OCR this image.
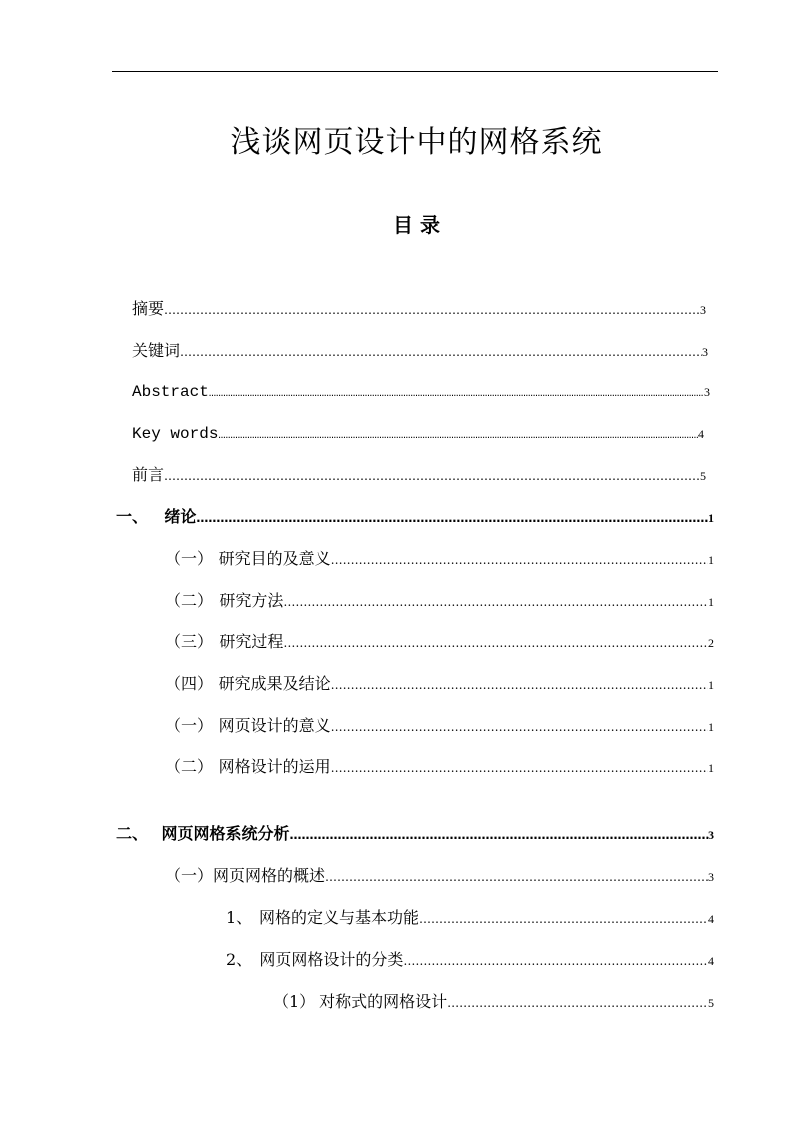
浅谈网页设计中的网格系统
目 录
摘要 ………………………………………………………………………………………………………………………………………………………………………………………………………………	3
关键词 ………………………………………………………………………………………………………………………………………………………………………………………………………………	3
Abstract ………………………………………………………………………………………………………………………………………………………………………………………………………………	3
Key words ………………………………………………………………………………………………………………………………………………………………………………………………………………	4
前言 ………………………………………………………………………………………………………………………………………………………………………………………………………………	5
一、 绪论 ………………………………………………………………………………………………………………………………………………………………………………………………………………	1
（一） 研究目的及意义 ………………………………………………………………………………………………………………………………………………………………………………………………………………	1
（二） 研究方法 ………………………………………………………………………………………………………………………………………………………………………………………………………………	1
（三） 研究过程 ………………………………………………………………………………………………………………………………………………………………………………………………………………	2
（四） 研究成果及结论 ………………………………………………………………………………………………………………………………………………………………………………………………………………	1
（一） 网页设计的意义 ………………………………………………………………………………………………………………………………………………………………………………………………………………	1
（二） 网格设计的运用 ………………………………………………………………………………………………………………………………………………………………………………………………………………	1
二、 网页网格系统分析 ………………………………………………………………………………………………………………………………………………………………………………………………………………	3
（一） 网页网格的概述 ………………………………………………………………………………………………………………………………………………………………………………………………………………	3
1、 网格的定义与基本功能 ………………………………………………………………………………………………………………………………………………………………………………………………………………	4
2、 网页网格设计的分类 ………………………………………………………………………………………………………………………………………………………………………………………………………………	4
（1） 对称式的网格设计 ………………………………………………………………………………………………………………………………………………………………………………………………………………	5
